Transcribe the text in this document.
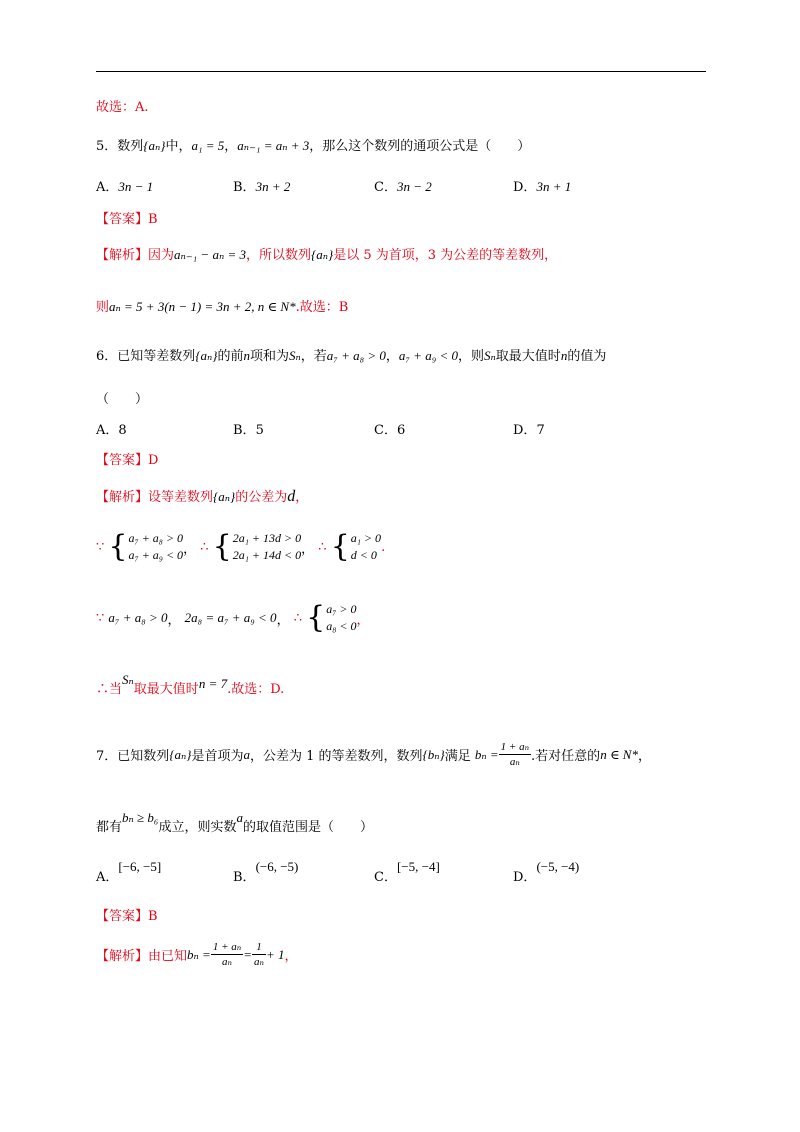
故选：A.
5．数列{aₙ}中，a₁ = 5，aₙ₋₁ = aₙ + 3，那么这个数列的通项公式是（　　）
A．3n − 1	B．3n + 2	C．3n − 2	D．3n + 1
【答案】B
【解析】因为aₙ₋₁ − aₙ = 3，所以数列{aₙ}是以 5 为首项，3 为公差的等差数列，
则aₙ = 5 + 3(n − 1) = 3n + 2, n ∈ N*.故选：B
6．已知等差数列{aₙ}的前n项和为Sₙ，若a₇ + a₈ > 0，a₇ + a₉ < 0，则Sₙ取最大值时n的值为
（　　）
A．8	B．5	C．6	D．7
【答案】D
【解析】设等差数列{aₙ}的公差为d，
∵ { a₇ + a₈ > 0
a₇ + a₉ < 0 ， ∴ { 2a₁ + 13d > 0
2a₁ + 14d < 0 ， ∴ { a₁ > 0
d < 0
.
∵ a₇ + a₈ > 0， 2a₈ = a₇ + a₉ < 0， ∴ { a₇ > 0
a₈ < 0 ，
∴当Sₙ取最大值时n = 7.故选：D.
7．已知数列{aₙ}是首项为a，公差为 1 的等差数列，数列{bₙ}满足 $b_n = \frac{\text{1 + aₙ}}{\text{aₙ}}$ .若对任意的n ∈ N*，
都有bₙ ≥ b₆成立，则实数a的取值范围是（　　）
A．[−6, −5]
B．(−6, −5)
C．[−5, −4]
D．(−5, −4)
【答案】B
【解析】由已知$b_n = \frac{\text{1 + aₙ}}{\text{aₙ}} = \frac{1}{\text{aₙ}} + 1$，
